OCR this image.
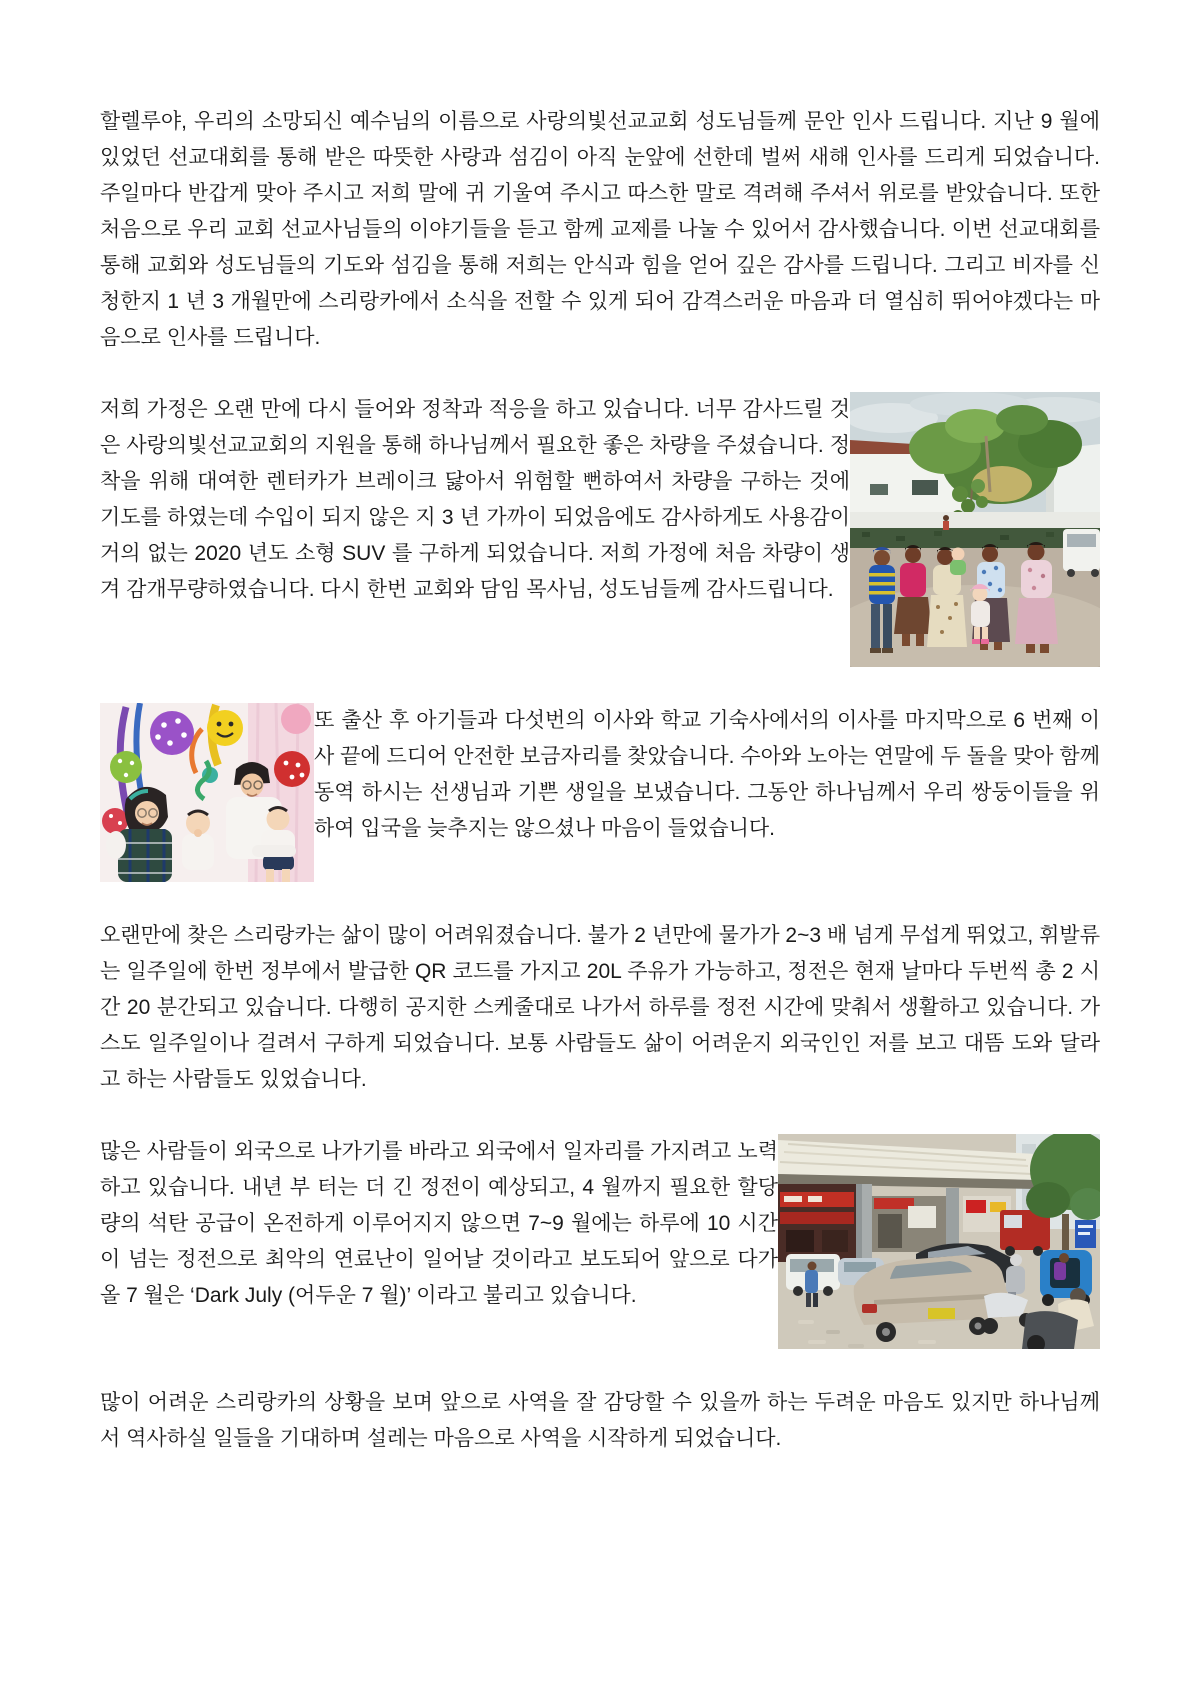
할렐루야, 우리의 소망되신 예수님의 이름으로 사랑의빛선교교회 성도님들께 문안 인사 드립니다. 지난 9 월에 있었던 선교대회를 통해 받은 따뜻한 사랑과 섬김이 아직 눈앞에 선한데 벌써 새해 인사를 드리게 되었습니다. 주일마다 반갑게 맞아 주시고 저희 말에 귀 기울여 주시고 따스한 말로 격려해 주셔서 위로를 받았습니다. 또한 처음으로 우리 교회 선교사님들의 이야기들을 듣고 함께 교제를 나눌 수 있어서 감사했습니다. 이번 선교대회를 통해 교회와 성도님들의 기도와 섬김을 통해 저희는 안식과 힘을 얻어 깊은 감사를 드립니다. 그리고 비자를 신청한지 1 년 3 개월만에 스리랑카에서 소식을 전할 수 있게 되어 감격스러운 마음과 더 열심히 뛰어야겠다는 마음으로 인사를 드립니다.

저희 가정은 오랜 만에 다시 들어와 정착과 적응을 하고 있습니다. 너무 감사드릴 것은 사랑의빛선교교회의 지원을 통해 하나님께서 필요한 좋은 차량을 주셨습니다. 정착을 위해 대여한 렌터카가 브레이크 닳아서 위험할 뻔하여서 차량을 구하는 것에 기도를 하였는데 수입이 되지 않은 지 3 년 가까이 되었음에도 감사하게도 사용감이 거의 없는 2020 년도 소형 SUV 를 구하게 되었습니다. 저희 가정에 처음 차량이 생겨 감개무량하였습니다. 다시 한번 교회와 담임 목사님, 성도님들께 감사드립니다.

또 출산 후 아기들과 다섯번의 이사와 학교 기숙사에서의 이사를 마지막으로 6 번째 이사 끝에 드디어 안전한 보금자리를 찾았습니다. 수아와 노아는 연말에 두 돌을 맞아 함께 동역 하시는 선생님과 기쁜 생일을 보냈습니다. 그동안 하나님께서 우리 쌍둥이들을 위하여 입국을 늦추지는 않으셨나 마음이 들었습니다.

오랜만에 찾은 스리랑카는 삶이 많이 어려워졌습니다. 불가 2 년만에 물가가 2~3 배 넘게 무섭게 뛰었고, 휘발류는 일주일에 한번 정부에서 발급한 QR 코드를 가지고 20L 주유가 가능하고, 정전은 현재 날마다 두번씩 총 2 시간 20 분간되고 있습니다. 다행히 공지한 스케줄대로 나가서 하루를 정전 시간에 맞춰서 생활하고 있습니다. 가스도 일주일이나 걸려서 구하게 되었습니다. 보통 사람들도 삶이 어려운지 외국인인 저를 보고 대뜸 도와 달라고 하는 사람들도 있었습니다.

많은 사람들이 외국으로 나가기를 바라고 외국에서 일자리를 가지려고 노력하고 있습니다. 내년 부 터는 더 긴 정전이 예상되고, 4 월까지 필요한 할당량의 석탄 공급이 온전하게 이루어지지 않으면 7~9 월에는 하루에 10 시간이 넘는 정전으로 최악의 연료난이 일어날 것이라고 보도되어 앞으로 다가올 7 월은 ‘Dark July (어두운 7 월)’ 이라고 불리고 있습니다.

많이 어려운 스리랑카의 상황을 보며 앞으로 사역을 잘 감당할 수 있을까 하는 두려운 마음도 있지만 하나님께서 역사하실 일들을 기대하며 설레는 마음으로 사역을 시작하게 되었습니다.
